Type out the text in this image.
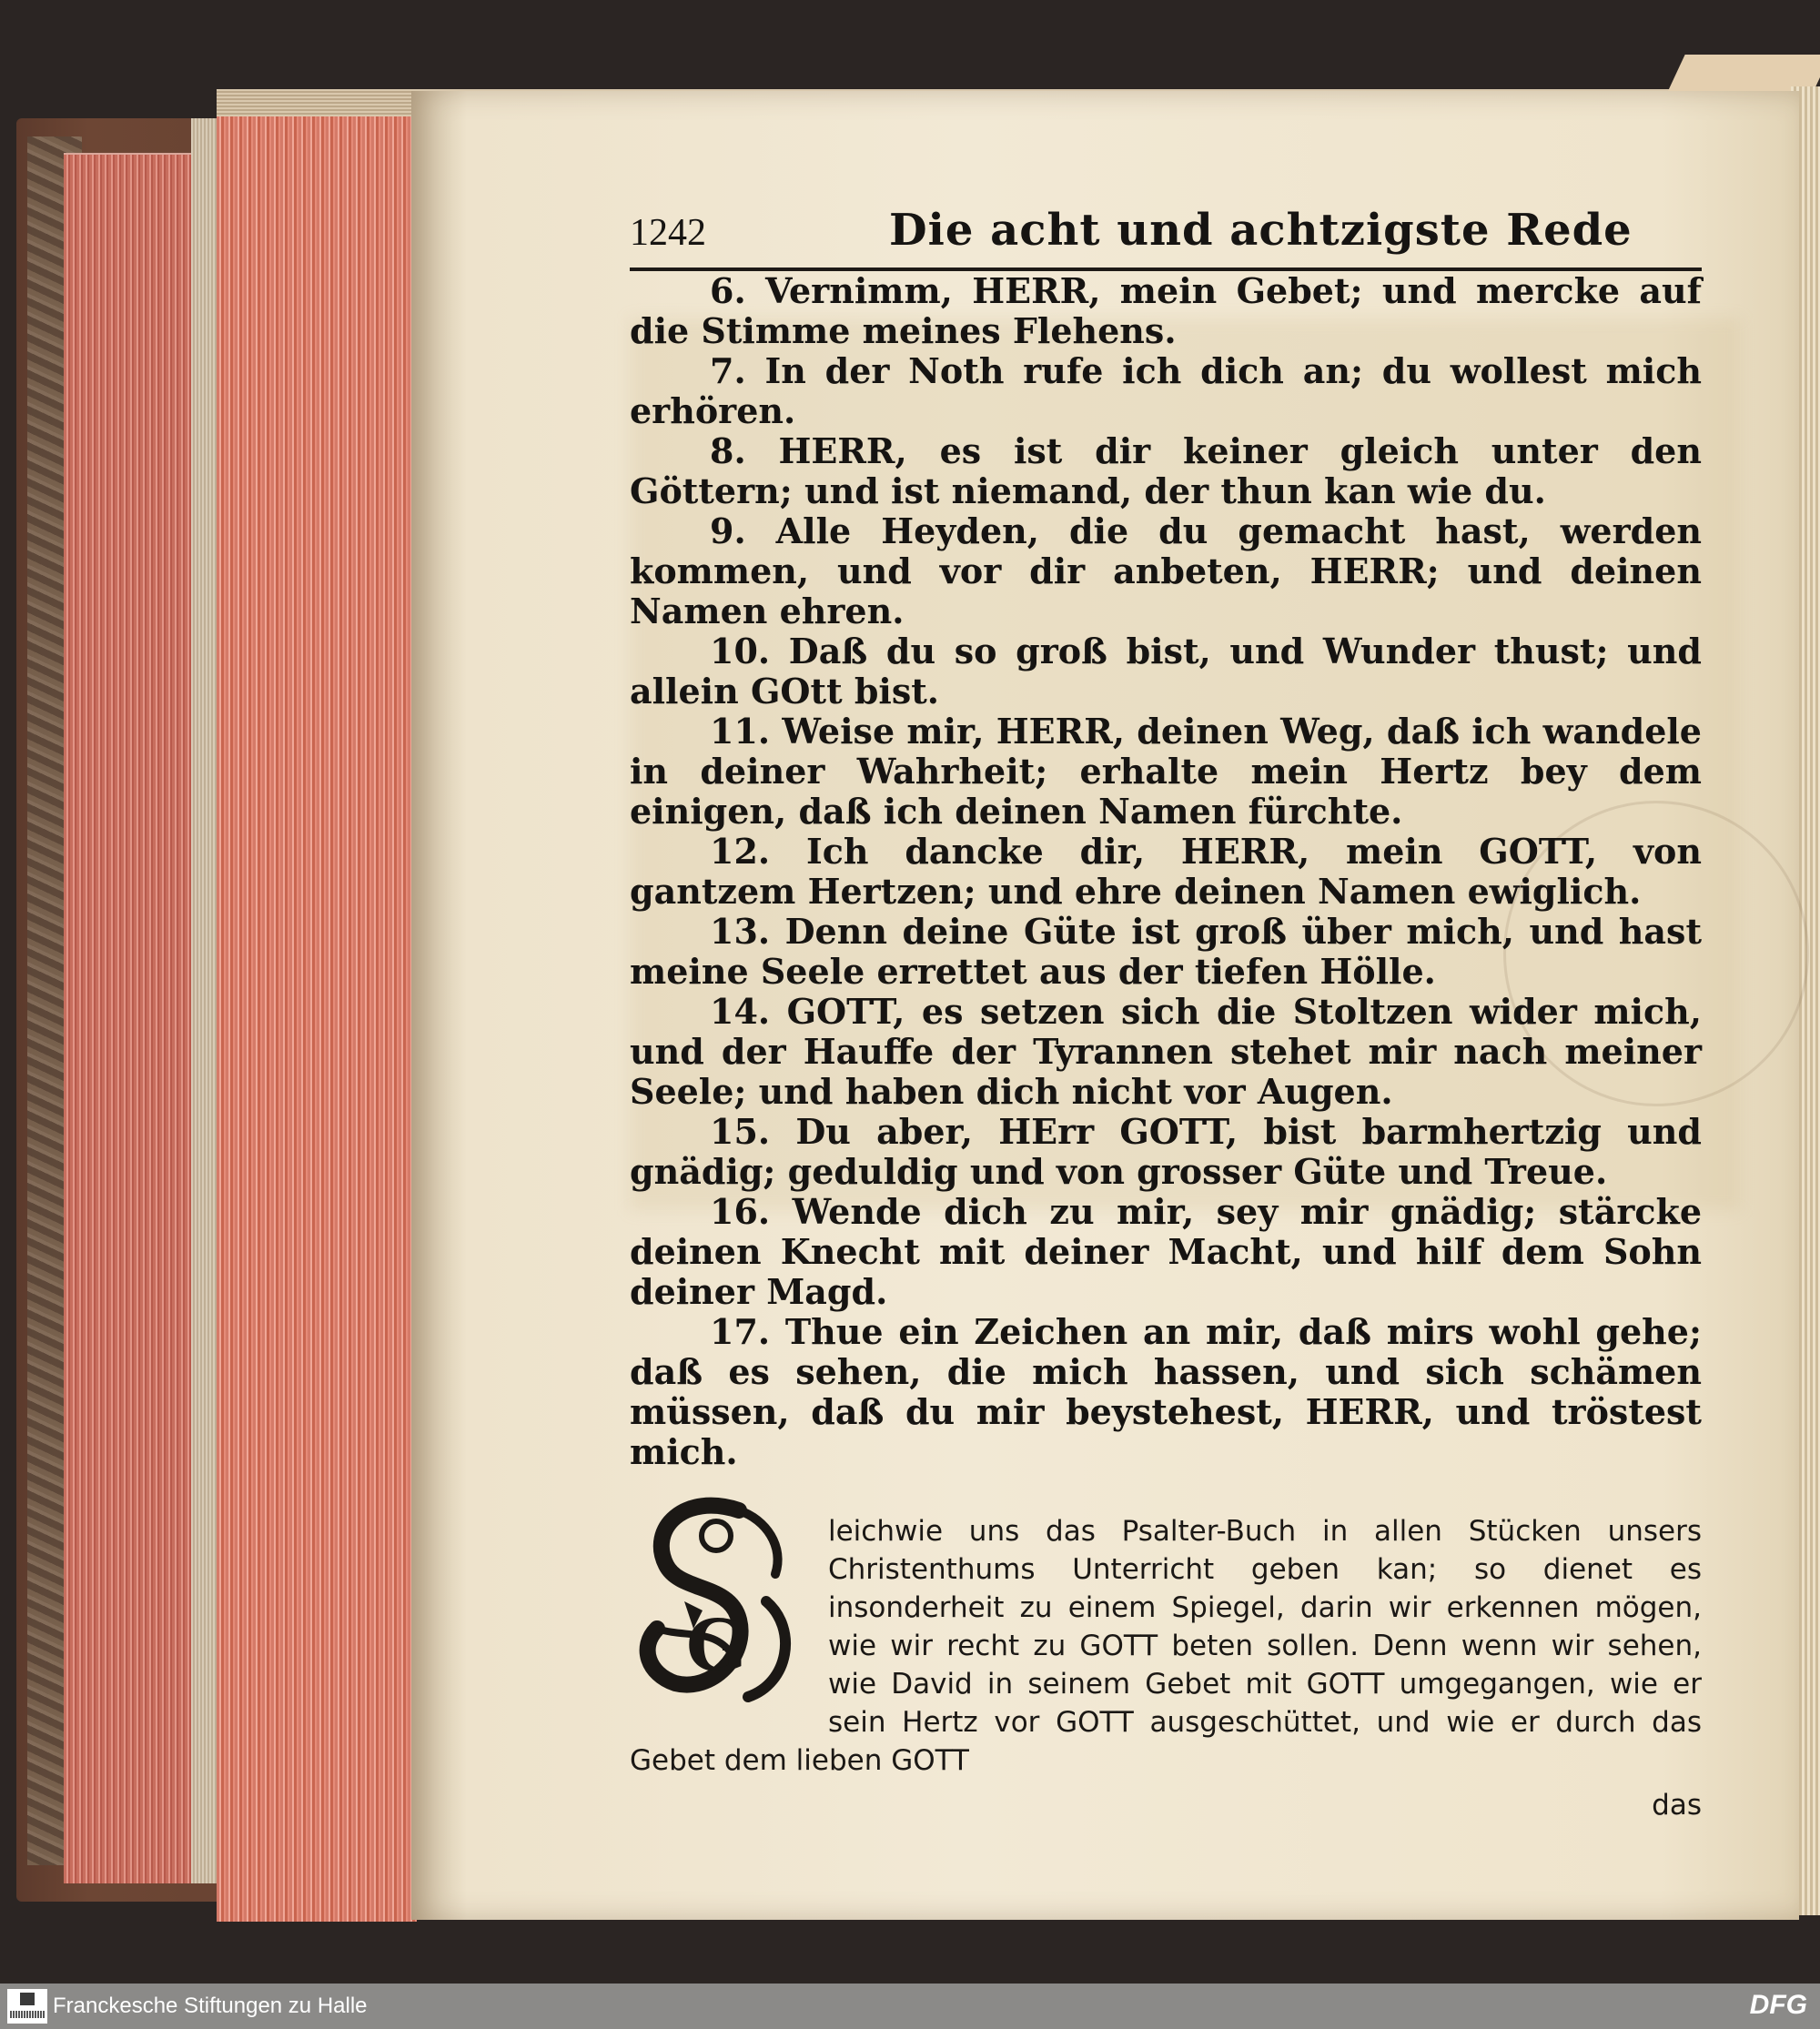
1242	Die acht und achtzigste Rede

6. Vernimm, HERR, mein Gebet; und mercke auf die Stimme meines Flehens.

7. In der Noth rufe ich dich an; du wollest mich erhören.

8. HERR, es ist dir keiner gleich unter den Göttern; und ist niemand, der thun kan wie du.

9. Alle Heyden, die du gemacht hast, werden kommen, und vor dir anbeten, HERR; und deinen Namen ehren.

10. Daß du so groß bist, und Wunder thust; und allein GOtt bist.

11. Weise mir, HERR, deinen Weg, daß ich wandele in deiner Wahrheit; erhalte mein Hertz bey dem einigen, daß ich deinen Namen fürchte.

12. Ich dancke dir, HERR, mein GOTT, von gantzem Hertzen; und ehre deinen Namen ewiglich.

13. Denn deine Güte ist groß über mich, und hast meine Seele errettet aus der tiefen Hölle.

14. GOTT, es setzen sich die Stoltzen wider mich, und der Hauffe der Tyrannen stehet mir nach meiner Seele; und haben dich nicht vor Augen.

15. Du aber, HErr GOTT, bist barmhertzig und gnädig; geduldig und von grosser Güte und Treue.

16. Wende dich zu mir, sey mir gnädig; stärcke deinen Knecht mit deiner Macht, und hilf dem Sohn deiner Magd.

17. Thue ein Zeichen an mir, daß mirs wohl gehe; daß es sehen, die mich hassen, und sich schämen müssen, daß du mir beystehest, HERR, und tröstest mich.

G
leichwie uns das Psalter-Buch in allen Stücken unsers Christenthums Unterricht geben kan; so dienet es insonderheit zu einem Spiegel, darin wir erkennen mögen, wie wir recht zu GOTT beten sollen. Denn wenn wir sehen, wie David in seinem Gebet mit GOTT umgegangen, wie er sein Hertz vor GOTT ausgeschüttet, und wie er durch das Gebet dem lieben GOTT
das
Franckesche Stiftungen zu Halle	DFG
